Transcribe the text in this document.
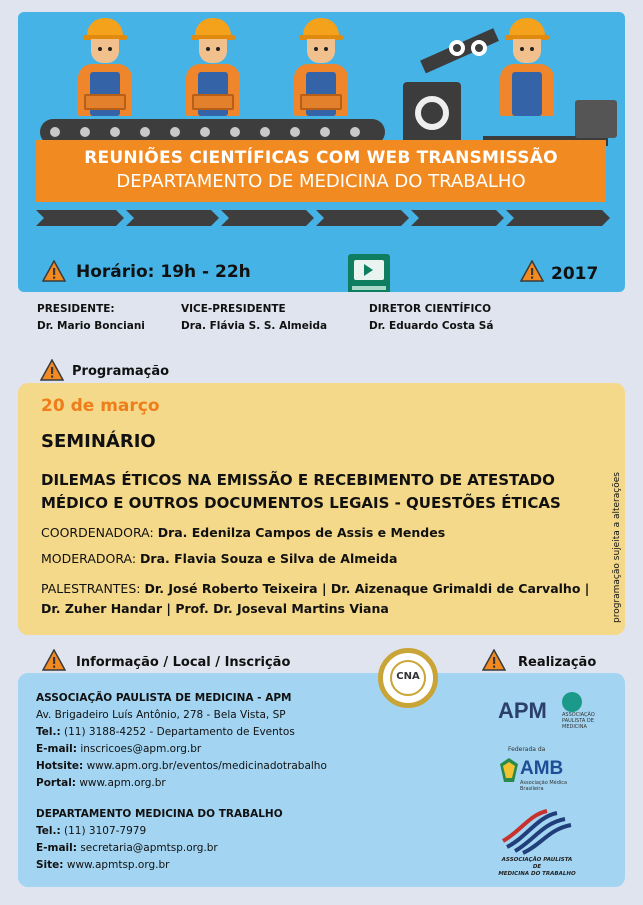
REUNIÕES CIENTÍFICAS COM WEB TRANSMISSÃO
DEPARTAMENTO DE MEDICINA DO TRABALHO
Horário: 19h - 22h	2017
PRESIDENTE:
Dr. Mario Bonciani
VICE-PRESIDENTE
Dra. Flávia S. S. Almeida
DIRETOR CIENTÍFICO
Dr. Eduardo Costa Sá
Programação
20 de março
SEMINÁRIO
DILEMAS ÉTICOS NA EMISSÃO E RECEBIMENTO DE ATESTADO
MÉDICO E OUTROS DOCUMENTOS LEGAIS - QUESTÕES ÉTICAS
COORDENADORA: Dra. Edenilza Campos de Assis e Mendes
MODERADORA: Dra. Flavia Souza e Silva de Almeida
PALESTRANTES: Dr. José Roberto Teixeira | Dr. Aizenaque Grimaldi de Carvalho |
Dr. Zuher Handar | Prof. Dr. Joseval Martins Viana	programação sujeita a alterações
Informação / Local / Inscrição	Realização
ASSOCIAÇÃO PAULISTA DE MEDICINA - APM
Av. Brigadeiro Luís Antônio, 278 - Bela Vista, SP
Tel.: (11) 3188-4252 - Departamento de Eventos
E-mail: inscricoes@apm.org.br
Hotsite: www.apm.org.br/eventos/medicinadotrabalho
Portal: www.apm.org.br
DEPARTAMENTO MEDICINA DO TRABALHO
Tel.: (11) 3107-7979
E-mail: secretaria@apmtsp.org.br
Site: www.apmtsp.org.br
CNA
APM	ASSOCIAÇÃO PAULISTA DE MEDICINA
Federada da
AMB
Associação Médica Brasileira
ASSOCIAÇÃO PAULISTA DE
MEDICINA DO TRABALHO
